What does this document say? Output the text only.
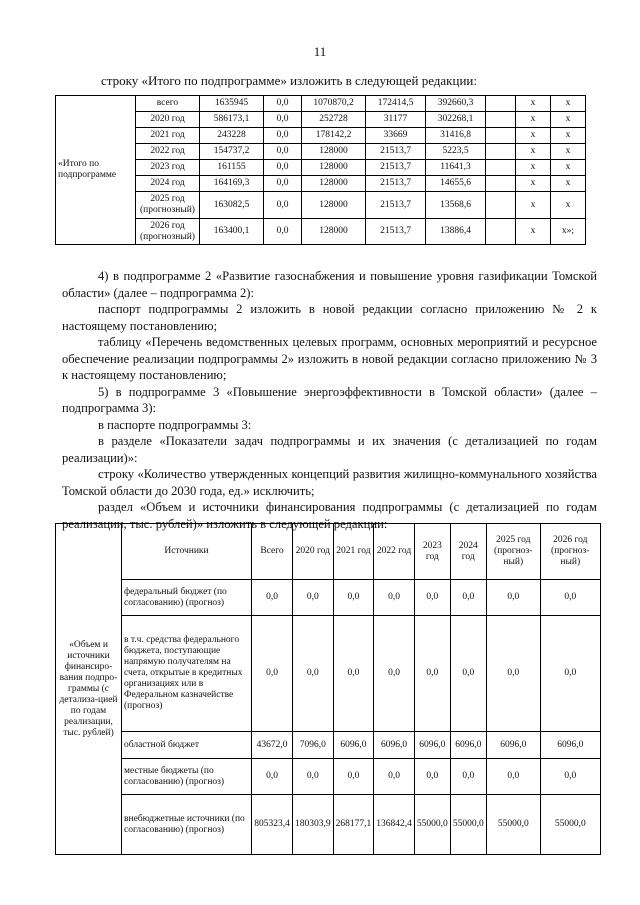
11
строку «Итого по подпрограмме» изложить в следующей редакции:
«Итого по подпрограмме	всего	1635945	0,0	1070870,2	172414,5	392660,3		х	х
	2020 год	586173,1	0,0	252728	31177	302268,1		х	х
	2021 год	243228	0,0	178142,2	33669	31416,8		х	х
	2022 год	154737,2	0,0	128000	21513,7	5223,5		х	х
	2023 год	161155	0,0	128000	21513,7	11641,3		х	х
	2024 год	164169,3	0,0	128000	21513,7	14655,6		х	х
	2025 год (прогнозный)	163082,5	0,0	128000	21513,7	13568,6		х	х
	2026 год (прогнозный)	163400,1	0,0	128000	21513,7	13886,4		х	х»;

4) в подпрограмме 2 «Развитие газоснабжения и повышение уровня газификации Томской области» (далее – подпрограмма 2):

паспорт подпрограммы 2 изложить в новой редакции согласно приложению № 2 к настоящему постановлению;

таблицу «Перечень ведомственных целевых программ, основных мероприятий и ресурсное обеспечение реализации подпрограммы 2» изложить в новой редакции согласно приложению № 3 к настоящему постановлению;

5) в подпрограмме 3 «Повышение энергоэффективности в Томской области» (далее – подпрограмма 3):

в паспорте подпрограммы 3:

в разделе «Показатели задач подпрограммы и их значения (с детализацией по годам реализации)»:

строку «Количество утвержденных концепций развития жилищно-коммунального хозяйства Томской области до 2030 года, ед.» исключить;

раздел «Объем и источники финансирования подпрограммы (с детализацией по годам реализации, тыс. рублей)» изложить в следующей редакции:

«Объем и источники финансиро-вания подпро-граммы (с детализа-цией по годам реализации, тыс. рублей)	Источники	Всего	2020 год	2021 год	2022 год	2023 год	2024 год	2025 год (прогноз-ный)	2026 год (прогноз-ный)
	федеральный бюджет (по согласованию) (прогноз)	0,0	0,0	0,0	0,0	0,0	0,0	0,0	0,0
	в т.ч. средства федерального бюджета, поступающие напрямую получателям на счета, открытые в кредитных организациях или в Федеральном казначействе (прогноз)	0,0	0,0	0,0	0,0	0,0	0,0	0,0	0,0
	областной бюджет	43672,0	7096,0	6096,0	6096,0	6096,0	6096,0	6096,0	6096,0
	местные бюджеты (по согласованию) (прогноз)	0,0	0,0	0,0	0,0	0,0	0,0	0,0	0,0
	внебюджетные источники (по согласованию) (прогноз)	805323,4	180303,9	268177,1	136842,4	55000,0	55000,0	55000,0	55000,0
